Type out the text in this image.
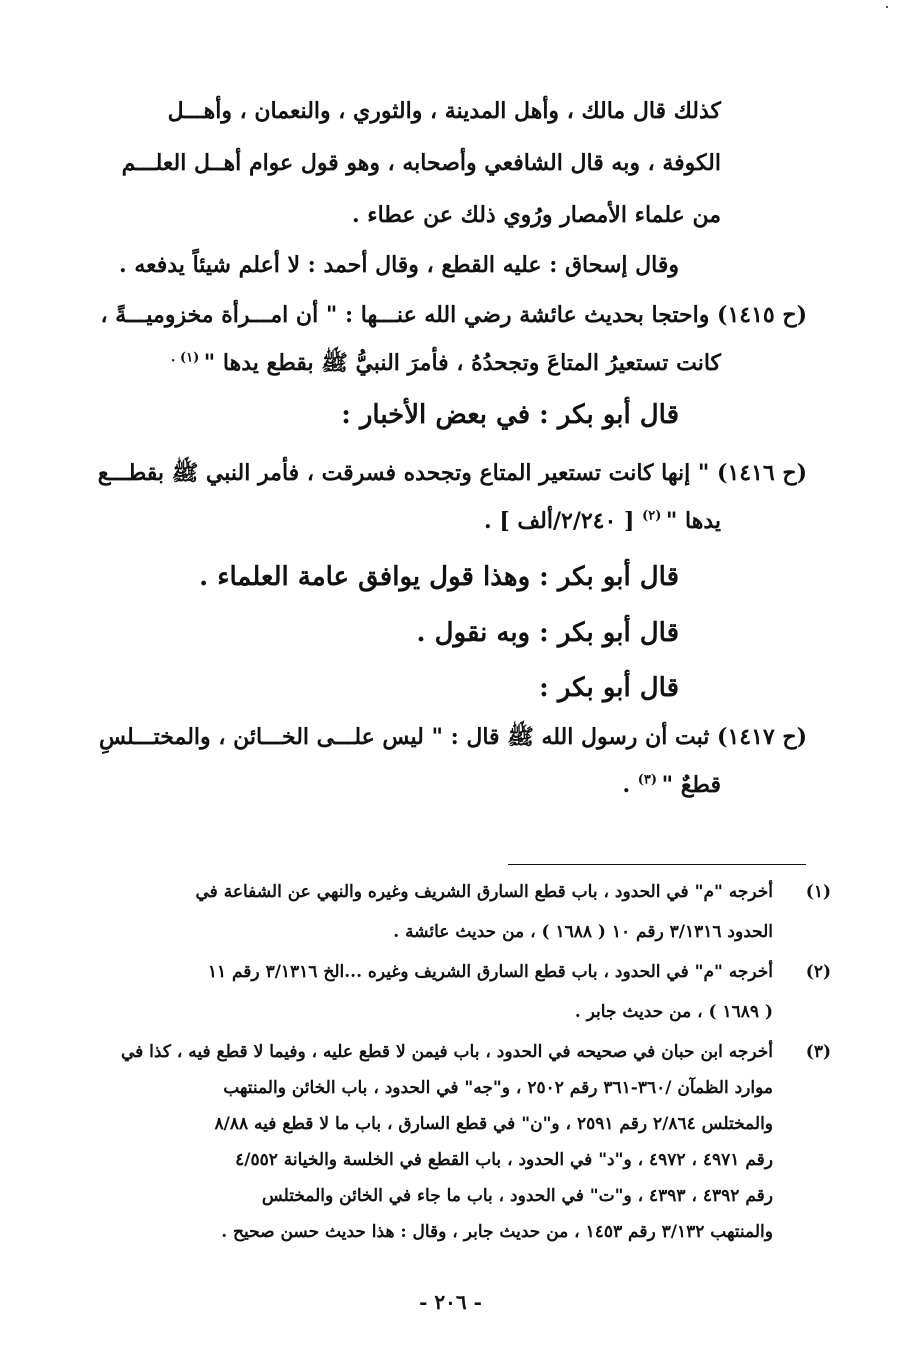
كذلك قال مالك ، وأهل المدينة ، والثوري ، والنعمان ، وأهـــل
الكوفة ، وبه قال الشافعي وأصحابه ، وهو قول عوام أهــل العلـــم
من علماء الأمصار ورُوي ذلك عن عطاء .
وقال إسحاق : عليه القطع ، وقال أحمد : لا أعلم شيئاً يدفعه .
(ح ١٤١٥) واحتجا بحديث عائشة رضي الله عنـــها : " أن امـــرأة مخزوميـــةً ،
كانت تستعيرُ المتاعَ وتجحدُهُ ، فأمرَ النبيُّ ﷺ بقطع يدها " $^{(١) .}$
قال أبو بكر : في بعض الأخبار :
(ح ١٤١٦) " إنها كانت تستعير المتاع وتجحده فسرقت ، فأمر النبي ﷺ بقطـــع
يدها " $^{(٢)}$ [ ٢/٢٤٠/ألف ] .
قال أبو بكر : وهذا قول يوافق عامة العلماء .
قال أبو بكر : وبه نقول .
قال أبو بكر :
(ح ١٤١٧) ثبت أن رسول الله ﷺ قال : " ليس علـــى الخـــائن ، والمختـــلسِ
قطعٌ " $^{(٣)}$ .
(١)
أخرجه "م" في الحدود ، باب قطع السارق الشريف وغيره والنهي عن الشفاعة في
الحدود ٣/١٣١٦ رقم ١٠ ( ١٦٨٨ ) ، من حديث عائشة .
(٢)
أخرجه "م" في الحدود ، باب قطع السارق الشريف وغيره ...الخ ٣/١٣١٦ رقم ١١
( ١٦٨٩ ) ، من حديث جابر .
(٣)
أخرجه ابن حبان في صحيحه في الحدود ، باب فيمن لا قطع عليه ، وفيما لا قطع فيه ، كذا في
موارد الظمآن /٣٦٠-٣٦١ رقم ٢٥٠٢ ، و"جه" في الحدود ، باب الخائن والمنتهب
والمختلس ٢/٨٦٤ رقم ٢٥٩١ ، و"ن" في قطع السارق ، باب ما لا قطع فيه ٨/٨٨
رقم ٤٩٧١ ، ٤٩٧٢ ، و"د" في الحدود ، باب القطع في الخلسة والخيانة ٤/٥٥٢
رقم ٤٣٩٢ ، ٤٣٩٣ ، و"ت" في الحدود ، باب ما جاء في الخائن والمختلس
والمنتهب ٣/١٣٢ رقم ١٤٥٣ ، من حديث جابر ، وقال : هذا حديث حسن صحيح .
- ٢٠٦ -
